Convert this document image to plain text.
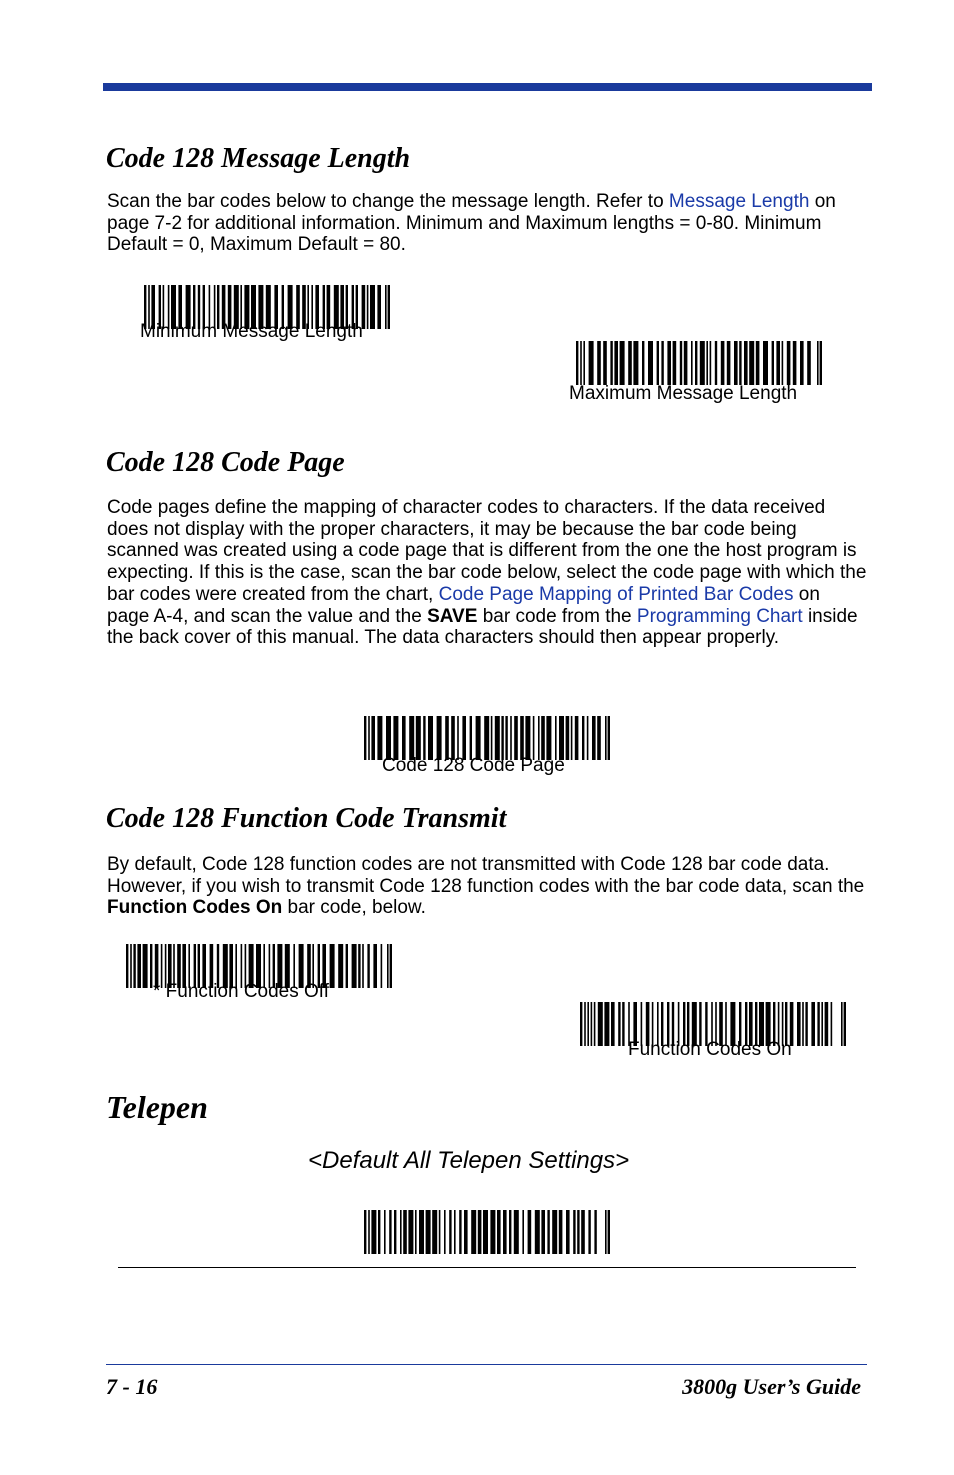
Code 128 Message Length

Scan the bar codes below to change the message length. Refer to Message Length on page 7-2 for additional information. Minimum and Maximum lengths = 0-80. Minimum Default = 0, Maximum Default = 80.

Minimum Message Length
Maximum Message Length
Code 128 Code Page

Code pages define the mapping of character codes to characters. If the data received does not display with the proper characters, it may be because the bar code being scanned was created using a code page that is different from the one the host program is expecting. If this is the case, scan the bar code below, select the code page with which the bar codes were created from the chart, Code Page Mapping of Printed Bar Codes on page A-4, and scan the value and the SAVE bar code from the Programming Chart inside the back cover of this manual. The data characters should then appear properly.

Code 128 Code Page
Code 128 Function Code Transmit

By default, Code 128 function codes are not transmitted with Code 128 bar code data. However, if you wish to transmit Code 128 function codes with the bar code data, scan the Function Codes On bar code, below.

* Function Codes Off
Function Codes On
Telepen
<Default All Telepen Settings>
7 - 16	3800g User’s Guide
